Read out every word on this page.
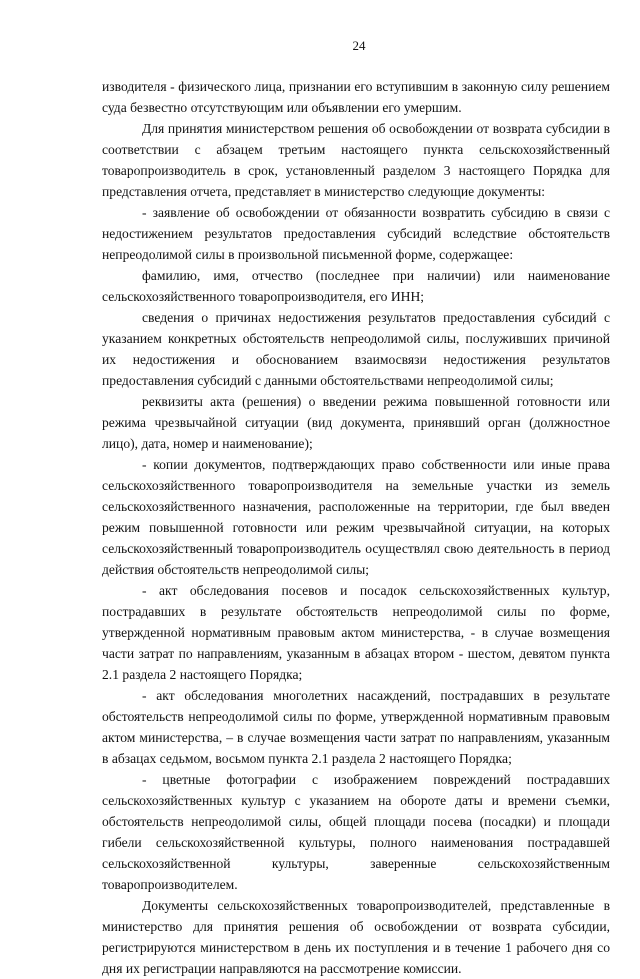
24

изводителя - физического лица, признании его вступившим в законную силу решением суда безвестно отсутствующим или объявлении его умершим.

Для принятия министерством решения об освобождении от возврата субсидии в соответствии с абзацем третьим настоящего пункта сельскохозяйственный товаропроизводитель в срок, установленный разделом 3 настоящего Порядка для представления отчета, представляет в министерство следующие документы:

- заявление об освобождении от обязанности возвратить субсидию в связи с недостижением результатов предоставления субсидий вследствие обстоятельств непреодолимой силы в произвольной письменной форме, содержащее:

фамилию, имя, отчество (последнее при наличии) или наименование сельскохозяйственного товаропроизводителя, его ИНН;

сведения о причинах недостижения результатов предоставления субсидий с указанием конкретных обстоятельств непреодолимой силы, послуживших причиной их недостижения и обоснованием взаимосвязи недостижения результатов предоставления субсидий с данными обстоятельствами непреодолимой силы;

реквизиты акта (решения) о введении режима повышенной готовности или режима чрезвычайной ситуации (вид документа, принявший орган (должностное лицо), дата, номер и наименование);

- копии документов, подтверждающих право собственности или иные права сельскохозяйственного товаропроизводителя на земельные участки из земель сельскохозяйственного назначения, расположенные на территории, где был введен режим повышенной готовности или режим чрезвычайной ситуации, на которых сельскохозяйственный товаропроизводитель осуществлял свою деятельность в период действия обстоятельств непреодолимой силы;

- акт обследования посевов и посадок сельскохозяйственных культур, пострадавших в результате обстоятельств непреодолимой силы по форме, утвержденной нормативным правовым актом министерства, - в случае возмещения части затрат по направлениям, указанным в абзацах втором - шестом, девятом пункта 2.1 раздела 2 настоящего Порядка;

- акт обследования многолетних насаждений, пострадавших в результате обстоятельств непреодолимой силы по форме, утвержденной нормативным правовым актом министерства, – в случае возмещения части затрат по направлениям, указанным в абзацах седьмом, восьмом пункта 2.1 раздела 2 настоящего Порядка;

- цветные фотографии с изображением повреждений пострадавших сельскохозяйственных культур с указанием на обороте даты и времени съемки, обстоятельств непреодолимой силы, общей площади посева (посадки) и площади гибели сельскохозяйственной культуры, полного наименования пострадавшей сельскохозяйственной культуры, заверенные сельскохозяйственным товаропроизводителем.

Документы сельскохозяйственных товаропроизводителей, представленные в министерство для принятия решения об освобождении от возврата субсидии, регистрируются министерством в день их поступления и в течение 1 рабочего дня со дня их регистрации направляются на рассмотрение комиссии.
